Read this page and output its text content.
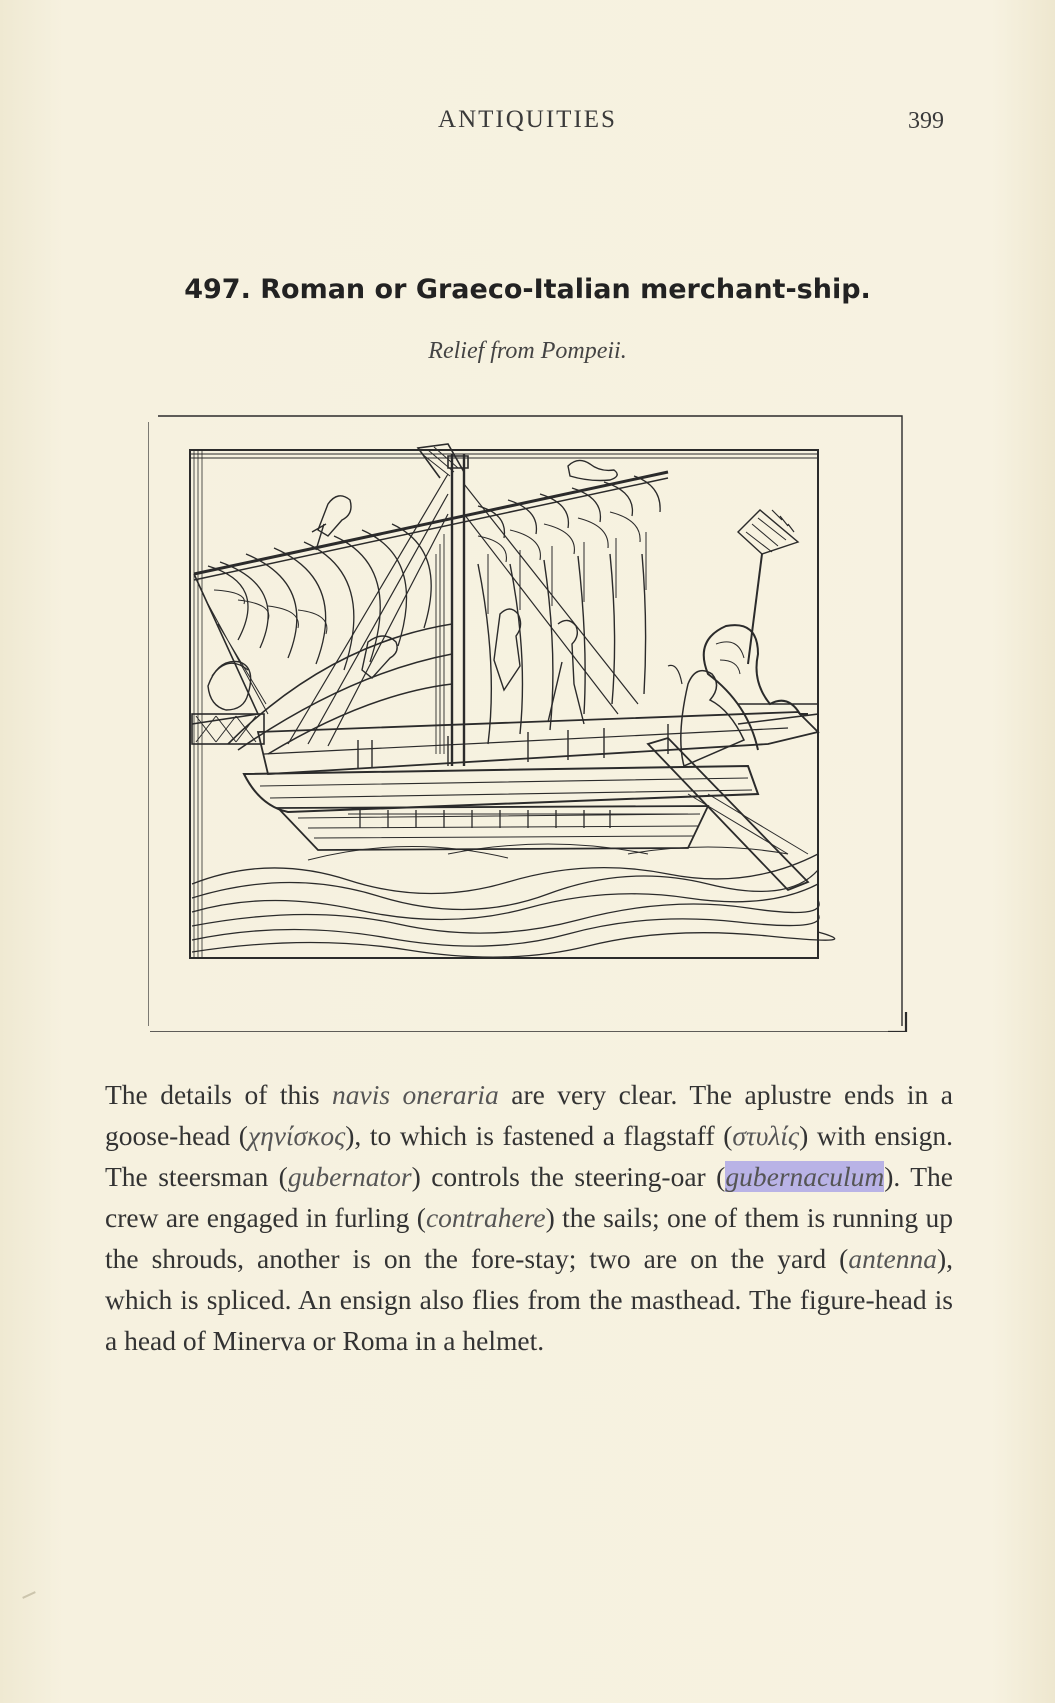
ANTIQUITIES	399
497. Roman or Graeco-Italian merchant-ship.
Relief from Pompeii.
The details of this navis oneraria are very clear. The aplustre ends in a goose-head (χηνίσκος), to which is fastened a flagstaff (στυλίς) with ensign. The steersman (gubernator) controls the steering-oar (gubernaculum). The crew are engaged in furling (contrahere) the sails; one of them is running up the shrouds, another is on the fore-stay; two are on the yard (antenna), which is spliced. An ensign also flies from the masthead. The figure-head is a head of Minerva or Roma in a helmet.
